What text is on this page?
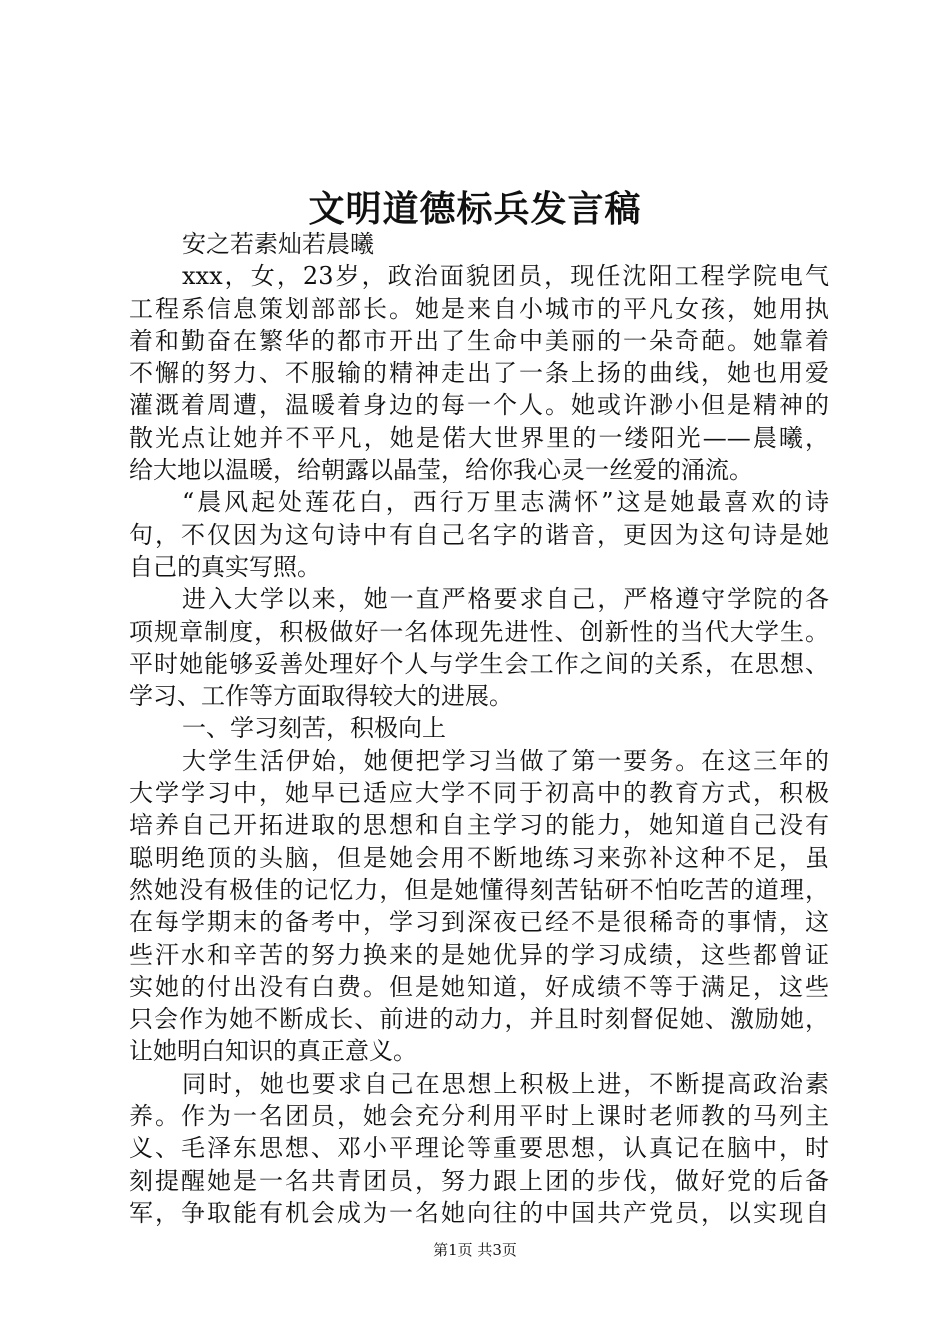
文明道德标兵发言稿
安之若素灿若晨曦
xxx，女，23岁，政治面貌团员，现任沈阳工程学院电气
工程系信息策划部部长。她是来自小城市的平凡女孩，她用执
着和勤奋在繁华的都市开出了生命中美丽的一朵奇葩。她靠着
不懈的努力、不服输的精神走出了一条上扬的曲线，她也用爱
灌溉着周遭，温暖着身边的每一个人。她或许渺小但是精神的
散光点让她并不平凡，她是偌大世界里的一缕阳光——晨曦，
给大地以温暖，给朝露以晶莹，给你我心灵一丝爱的涌流。
“晨风起处莲花白，西行万里志满怀”这是她最喜欢的诗
句，不仅因为这句诗中有自己名字的谐音，更因为这句诗是她
自己的真实写照。
进入大学以来，她一直严格要求自己，严格遵守学院的各
项规章制度，积极做好一名体现先进性、创新性的当代大学生。
平时她能够妥善处理好个人与学生会工作之间的关系，在思想、
学习、工作等方面取得较大的进展。
一、学习刻苦，积极向上
大学生活伊始，她便把学习当做了第一要务。在这三年的
大学学习中，她早已适应大学不同于初高中的教育方式，积极
培养自己开拓进取的思想和自主学习的能力，她知道自己没有
聪明绝顶的头脑，但是她会用不断地练习来弥补这种不足，虽
然她没有极佳的记忆力，但是她懂得刻苦钻研不怕吃苦的道理，
在每学期末的备考中，学习到深夜已经不是很稀奇的事情，这
些汗水和辛苦的努力换来的是她优异的学习成绩，这些都曾证
实她的付出没有白费。但是她知道，好成绩不等于满足，这些
只会作为她不断成长、前进的动力，并且时刻督促她、激励她，
让她明白知识的真正意义。
同时，她也要求自己在思想上积极上进，不断提高政治素
养。作为一名团员，她会充分利用平时上课时老师教的马列主
义、毛泽东思想、邓小平理论等重要思想，认真记在脑中，时
刻提醒她是一名共青团员，努力跟上团的步伐，做好党的后备
军，争取能有机会成为一名她向往的中国共产党员，以实现自
第1页 共3页
